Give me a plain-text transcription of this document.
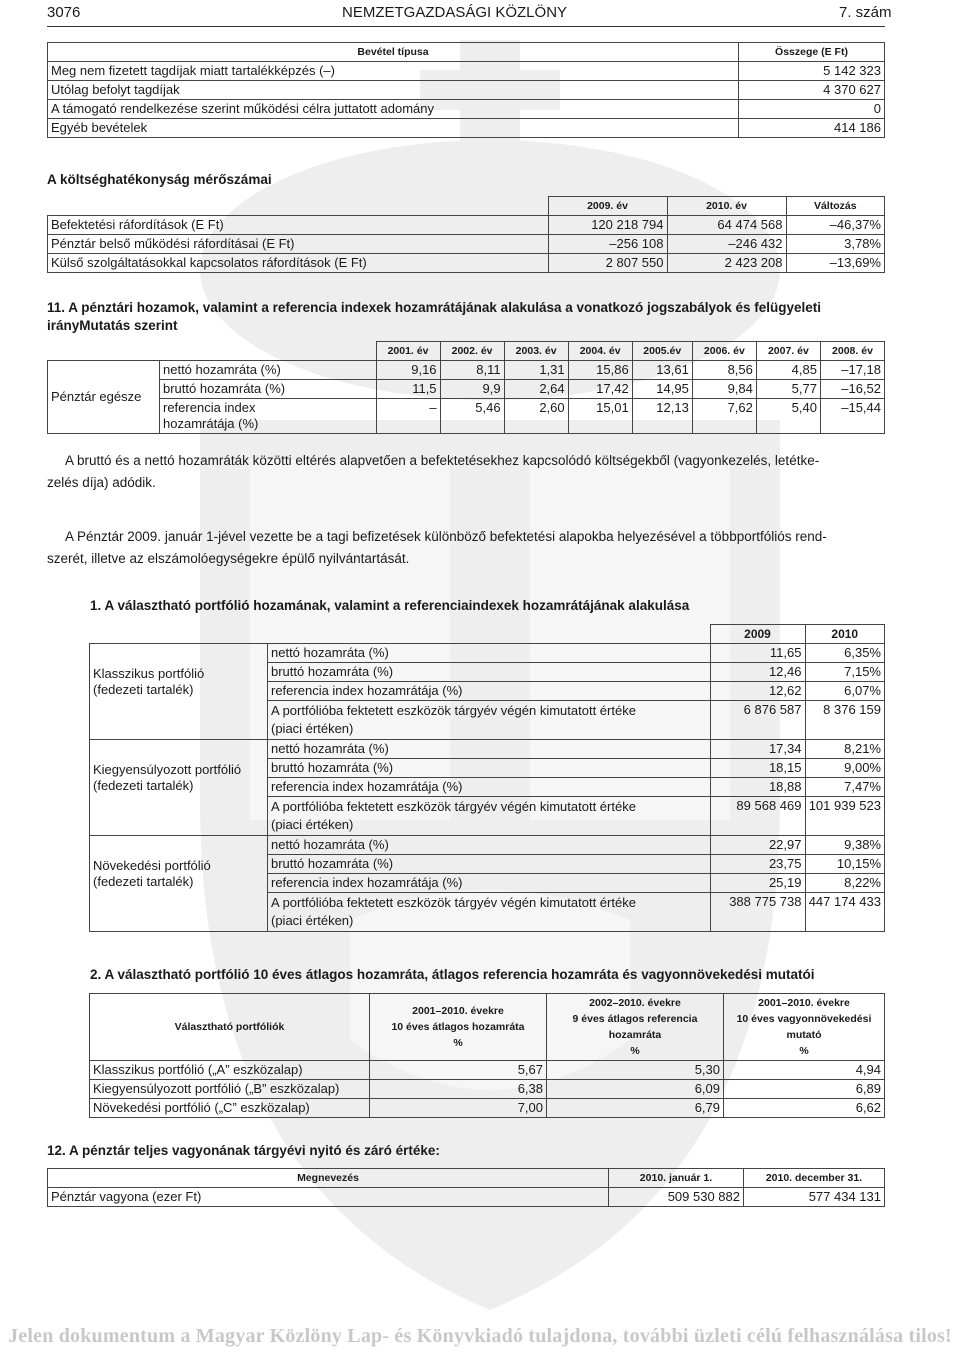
3076	NEMZETGAZDASÁGI KÖZLÖNY	7. szám
Bevétel típusa	Összege (E Ft)
Meg nem fizetett tagdíjak miatt tartalékképzés (–)	5 142 323
Utólag befolyt tagdíjak	4 370 627
A támogató rendelkezése szerint működési célra juttatott adomány	0
Egyéb bevételek	414 186
A költséghatékonyság mérőszámai
	2009. év	2010. év	Változás
Befektetési ráfordítások (E Ft)	120 218 794	64 474 568	–46,37%
Pénztár belső működési ráfordításai (E Ft)	–256 108	–246 432	3,78%
Külső szolgáltatásokkal kapcsolatos ráfordítások (E Ft)	2 807 550	2 423 208	–13,69%
11. A pénztári hozamok, valamint a referencia indexek hozamrátájának alakulása a vonatkozó jogszabályok és felügyeleti
irányMutatás szerint
		2001. év	2002. év	2003. év	2004. év	2005.év	2006. év	2007. év	2008. év
Pénztár egésze	nettó hozamráta (%)	9,16	8,11	1,31	15,86	13,61	8,56	4,85	–17,18
	bruttó hozamráta (%)	11,5	9,9	2,64	17,42	14,95	9,84	5,77	–16,52
	referencia index
hozamrátája (%)	–	5,46	2,60	15,01	12,13	7,62	5,40	–15,44
A bruttó és a nettó hozamráták közötti eltérés alapvetően a befektetésekhez kapcsolódó költségekből (vagyonkezelés, letétke-
zelés díja) adódik.
A Pénztár 2009. január 1-jével vezette be a tagi befizetések különböző befektetési alapokba helyezésével a többportfóliós rend-
szerét, illetve az elszámolóegységekre épülő nyilvántartását.
1. A választható portfólió hozamának, valamint a referenciaindexek hozamrátájának alakulása
		2009	2010
Klasszikus portfólió
(fedezeti tartalék)	nettó hozamráta (%)	11,65	6,35%
	bruttó hozamráta (%)	12,46	7,15%
	referencia index hozamrátája (%)	12,62	6,07%
	A portfólióba fektetett eszközök tárgyév végén kimutatott értéke
(piaci értéken)	6 876 587	8 376 159
Kiegyensúlyozott portfólió
(fedezeti tartalék)	nettó hozamráta (%)	17,34	8,21%
	bruttó hozamráta (%)	18,15	9,00%
	referencia index hozamrátája (%)	18,88	7,47%
	A portfólióba fektetett eszközök tárgyév végén kimutatott értéke
(piaci értéken)	89 568 469	101 939 523
Növekedési portfólió
(fedezeti tartalék)	nettó hozamráta (%)	22,97	9,38%
	bruttó hozamráta (%)	23,75	10,15%
	referencia index hozamrátája (%)	25,19	8,22%
	A portfólióba fektetett eszközök tárgyév végén kimutatott értéke
(piaci értéken)	388 775 738	447 174 433
2. A választható portfólió 10 éves átlagos hozamráta, átlagos referencia hozamráta és vagyonnövekedési mutatói
Választható portfóliók	2001–2010. évekre
10 éves átlagos hozamráta
%	2002–2010. évekre
9 éves átlagos referencia
hozamráta
%	2001–2010. évekre
10 éves vagyonnövekedési
mutató
%
Klasszikus portfólió („A” eszközalap)	5,67	5,30	4,94
Kiegyensúlyozott portfólió („B” eszközalap)	6,38	6,09	6,89
Növekedési portfólió („C” eszközalap)	7,00	6,79	6,62
12. A pénztár teljes vagyonának tárgyévi nyitó és záró értéke:
Megnevezés	2010. január 1.	2010. december 31.
Pénztár vagyona (ezer Ft)	509 530 882	577 434 131
Jelen dokumentum a Magyar Közlöny Lap- és Könyvkiadó tulajdona, további üzleti célú felhasználása tilos!
